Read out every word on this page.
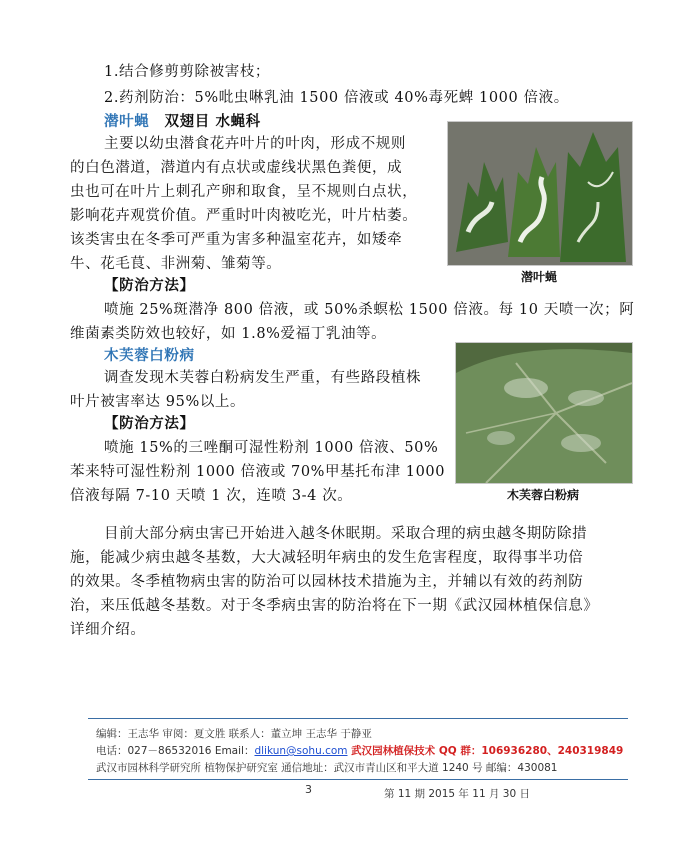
1.结合修剪剪除被害枝；
2.药剂防治：5%吡虫啉乳油 1500 倍液或 40%毒死蜱 1000 倍液。
潜叶蝇 双翅目 水蝇科
主要以幼虫潜食花卉叶片的叶肉，形成不规则
的白色潜道，潜道内有点状或虚线状黑色粪便，成
虫也可在叶片上刺孔产卵和取食，呈不规则白点状，
影响花卉观赏价值。严重时叶肉被吃光，叶片枯萎。
该类害虫在冬季可严重为害多种温室花卉，如矮牵
牛、花毛茛、非洲菊、雏菊等。
【防治方法】
喷施 25%斑潜净 800 倍液，或 50%杀螟松 1500 倍液。每 10 天喷一次；阿
维菌素类防效也较好，如 1.8%爱福丁乳油等。
潜叶蝇
木芙蓉白粉病
调查发现木芙蓉白粉病发生严重，有些路段植株
叶片被害率达 95%以上。
【防治方法】
喷施 15%的三唑酮可湿性粉剂 1000 倍液、50%
苯来特可湿性粉剂 1000 倍液或 70%甲基托布津 1000
倍液每隔 7-10 天喷 1 次，连喷 3-4 次。	木芙蓉白粉病
目前大部分病虫害已开始进入越冬休眠期。采取合理的病虫越冬期防除措
施，能减少病虫越冬基数，大大减轻明年病虫的发生危害程度，取得事半功倍
的效果。冬季植物病虫害的防治可以园林技术措施为主，并辅以有效的药剂防
治，来压低越冬基数。对于冬季病虫害的防治将在下一期《武汉园林植保信息》
详细介绍。
编辑：王志华 审阅：夏文胜 联系人：董立坤 王志华 于静亚
电话：027－86532016 Email：dlikun@sohu.com 武汉园林植保技术 QQ 群：106936280、240319849
武汉市园林科学研究所 植物保护研究室 通信地址：武汉市青山区和平大道 1240 号 邮编：430081
3	第 11 期 2015 年 11 月 30 日
